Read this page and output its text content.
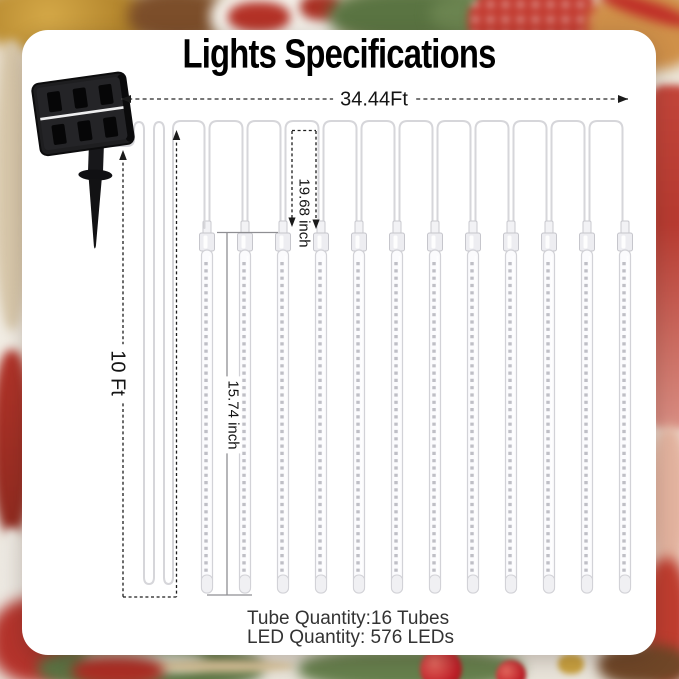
Lights Specifications
34.44Ft
10 Ft
19.68 inch
15.74 inch
Tube Quantity:16 Tubes
LED Quantity: 576 LEDs
